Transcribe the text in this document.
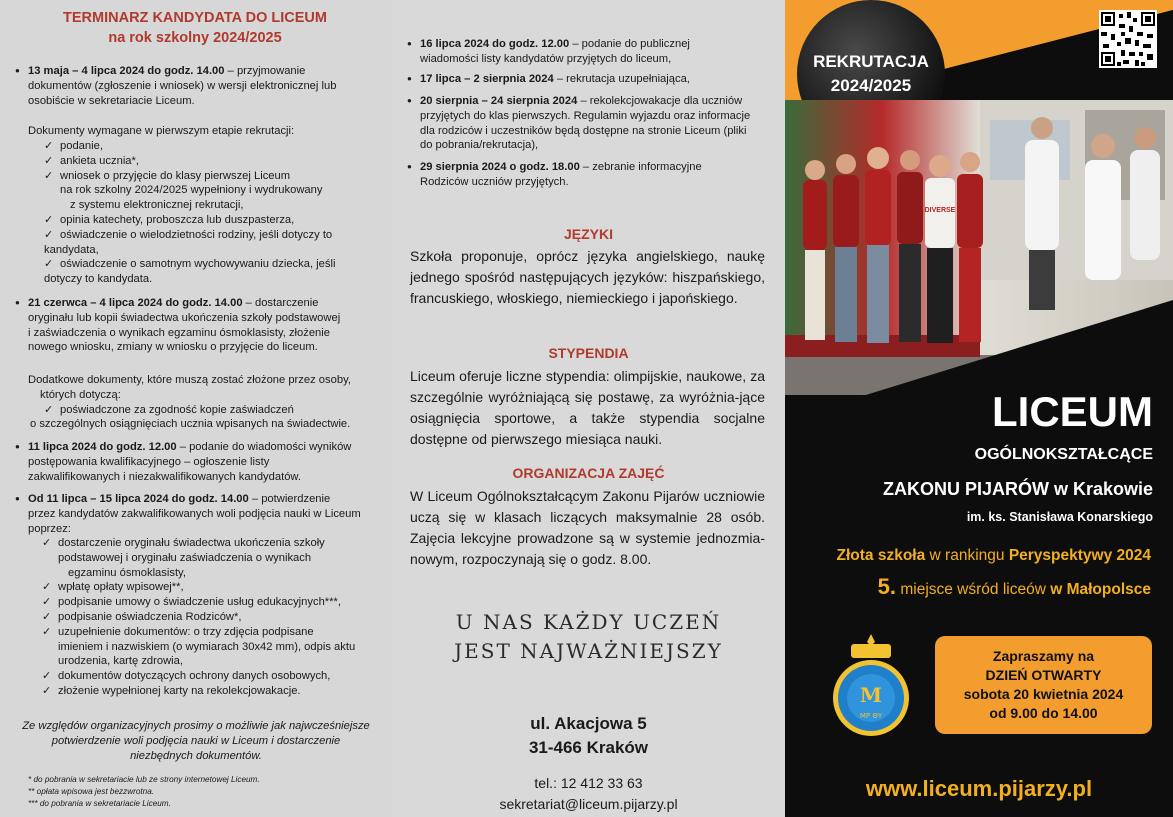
TERMINARZ KANDYDATA DO LICEUM
na rok szkolny 2024/2025
● 13 maja – 4 lipca 2024 do godz. 14.00 – przyjmowanie
dokumentów (zgłoszenie i wniosek) w wersji elektronicznej lub
osobiście w sekretariacie Liceum.
Dokumenty wymagane w pierwszym etapie rekrutacji:
✓ podanie,
✓ ankieta ucznia*,
✓ wniosek o przyjęcie do klasy pierwszej Liceum
na rok szkolny 2024/2025 wypełniony i wydrukowany
z systemu elektronicznej rekrutacji,
✓ opinia katechety, proboszcza lub duszpasterza,
✓ oświadczenie o wielodzietności rodziny, jeśli dotyczy to
kandydata,
✓ oświadczenie o samotnym wychowywaniu dziecka, jeśli
dotyczy to kandydata.
● 21 czerwca – 4 lipca 2024 do godz. 14.00 – dostarczenie
oryginału lub kopii świadectwa ukończenia szkoły podstawowej
i zaświadczenia o wynikach egzaminu ósmoklasisty, złożenie
nowego wniosku, zmiany w wniosku o przyjęcie do liceum.
Dodatkowe dokumenty, które muszą zostać złożone przez osoby,
których dotyczą:
✓ poświadczone za zgodność kopie zaświadczeń
o szczególnych osiągnięciach ucznia wpisanych na świadectwie.
● 11 lipca 2024 do godz. 12.00 – podanie do wiadomości wyników
postępowania kwalifikacyjnego – ogłoszenie listy
zakwalifikowanych i niezakwalifikowanych kandydatów.
● Od 11 lipca – 15 lipca 2024 do godz. 14.00 – potwierdzenie
przez kandydatów zakwalifikowanych woli podjęcia nauki w Liceum
poprzez:
✓ dostarczenie oryginału świadectwa ukończenia szkoły
podstawowej i oryginału zaświadczenia o wynikach
egzaminu ósmoklasisty,
✓ wpłatę opłaty wpisowej**,
✓ podpisanie umowy o świadczenie usług edukacyjnych***,
✓ podpisanie oświadczenia Rodziców*,
✓ uzupełnienie dokumentów: o trzy zdjęcia podpisane
imieniem i nazwiskiem (o wymiarach 30x42 mm), odpis aktu
urodzenia, kartę zdrowia,
✓ dokumentów dotyczących ochrony danych osobowych,
✓ złożenie wypełnionej karty na rekolekcjowakacje.
Ze względów organizacyjnych prosimy o możliwie jak najwcześniejsze
potwierdzenie woli podjęcia nauki w Liceum i dostarczenie
niezbędnych dokumentów.
* do pobrania w sekretariacie lub ze strony internetowej Liceum.
** opłata wpisowa jest bezzwrotna.
*** do pobrania w sekretariacie Liceum.
● 16 lipca 2024 do godz. 12.00 – podanie do publicznej
wiadomości listy kandydatów przyjętych do liceum,
● 17 lipca – 2 sierpnia 2024 – rekrutacja uzupełniająca,
● 20 sierpnia – 24 sierpnia 2024 – rekolekcjowakacje dla uczniów
przyjętych do klas pierwszych. Regulamin wyjazdu oraz informacje
dla rodziców i uczestników będą dostępne na stronie Liceum (pliki
do pobrania/rekrutacja),
● 29 sierpnia 2024 o godz. 18.00 – zebranie informacyjne
Rodziców uczniów przyjętych.
JĘZYKI
Szkoła proponuje, oprócz języka angielskiego, naukę jednego spośród następujących języków: hiszpańskiego, francuskiego, włoskiego, niemieckiego i japońskiego.
STYPENDIA
Liceum oferuje liczne stypendia: olimpijskie, naukowe, za szczególnie wyróżniającą się postawę, za wyróżnia-jące osiągnięcia sportowe, a także stypendia socjalne dostępne od pierwszego miesiąca nauki.
ORGANIZACJA ZAJĘĆ
W Liceum Ogólnokształcącym Zakonu Pijarów uczniowie uczą się w klasach liczących maksymalnie 28 osób. Zajęcia lekcyjne prowadzone są w systemie jednozmia-nowym, rozpoczynają się o godz. 8.00.
U NAS KAŻDY UCZEŃ
JEST NAJWAŻNIEJSZY
ul. Akacjowa 5
31-466 Kraków
tel.: 12 412 33 63
sekretariat@liceum.pijarzy.pl
REKRUTACJA
2024/2025
DIVERSE
LICEUM
OGÓLNOKSZTAŁCĄCE
ZAKONU PIJARÓW w Krakowie
im. ks. Stanisława Konarskiego
Złota szkoła w rankingu Peryspektywy 2024
5. miejsce wśród liceów w Małopolsce
M
MP ΘY
Zapraszamy na
DZIEŃ OTWARTY
sobota 20 kwietnia 2024
od 9.00 do 14.00
www.liceum.pijarzy.pl
